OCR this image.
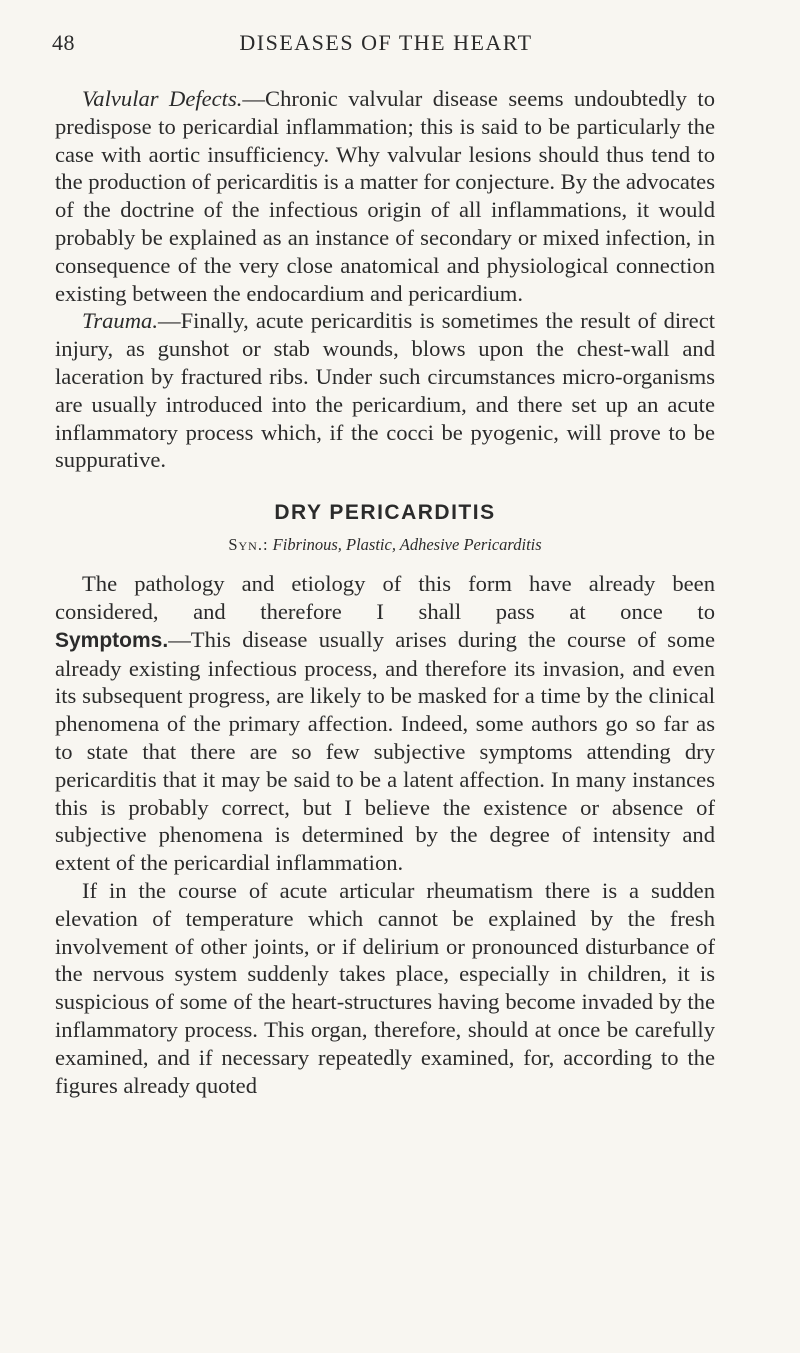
48	DISEASES OF THE HEART

Valvular Defects.—Chronic valvular disease seems undoubtedly to predispose to pericardial inflammation; this is said to be particularly the case with aortic insufficiency. Why valvular lesions should thus tend to the production of pericarditis is a matter for conjecture. By the advocates of the doctrine of the infectious origin of all inflammations, it would probably be explained as an instance of secondary or mixed infection, in consequence of the very close anatomical and physiological connection existing between the endocardium and pericardium.

Trauma.—Finally, acute pericarditis is sometimes the result of direct injury, as gunshot or stab wounds, blows upon the chest-wall and laceration by fractured ribs. Under such circumstances micro-organisms are usually introduced into the pericardium, and there set up an acute inflammatory process which, if the cocci be pyogenic, will prove to be suppurative.

DRY PERICARDITIS
Syn.: Fibrinous, Plastic, Adhesive Pericarditis

The pathology and etiology of this form have already been considered, and therefore I shall pass at once to

Symptoms.—This disease usually arises during the course of some already existing infectious process, and therefore its invasion, and even its subsequent progress, are likely to be masked for a time by the clinical phenomena of the primary affection. Indeed, some authors go so far as to state that there are so few subjective symptoms attending dry pericarditis that it may be said to be a latent affection. In many instances this is probably correct, but I believe the existence or absence of subjective phenomena is determined by the degree of intensity and extent of the pericardial inflammation.

If in the course of acute articular rheumatism there is a sudden elevation of temperature which cannot be explained by the fresh involvement of other joints, or if delirium or pronounced disturbance of the nervous system suddenly takes place, especially in children, it is suspicious of some of the heart-structures having become invaded by the inflammatory process. This organ, therefore, should at once be carefully examined, and if necessary repeatedly examined, for, according to the figures already quoted
